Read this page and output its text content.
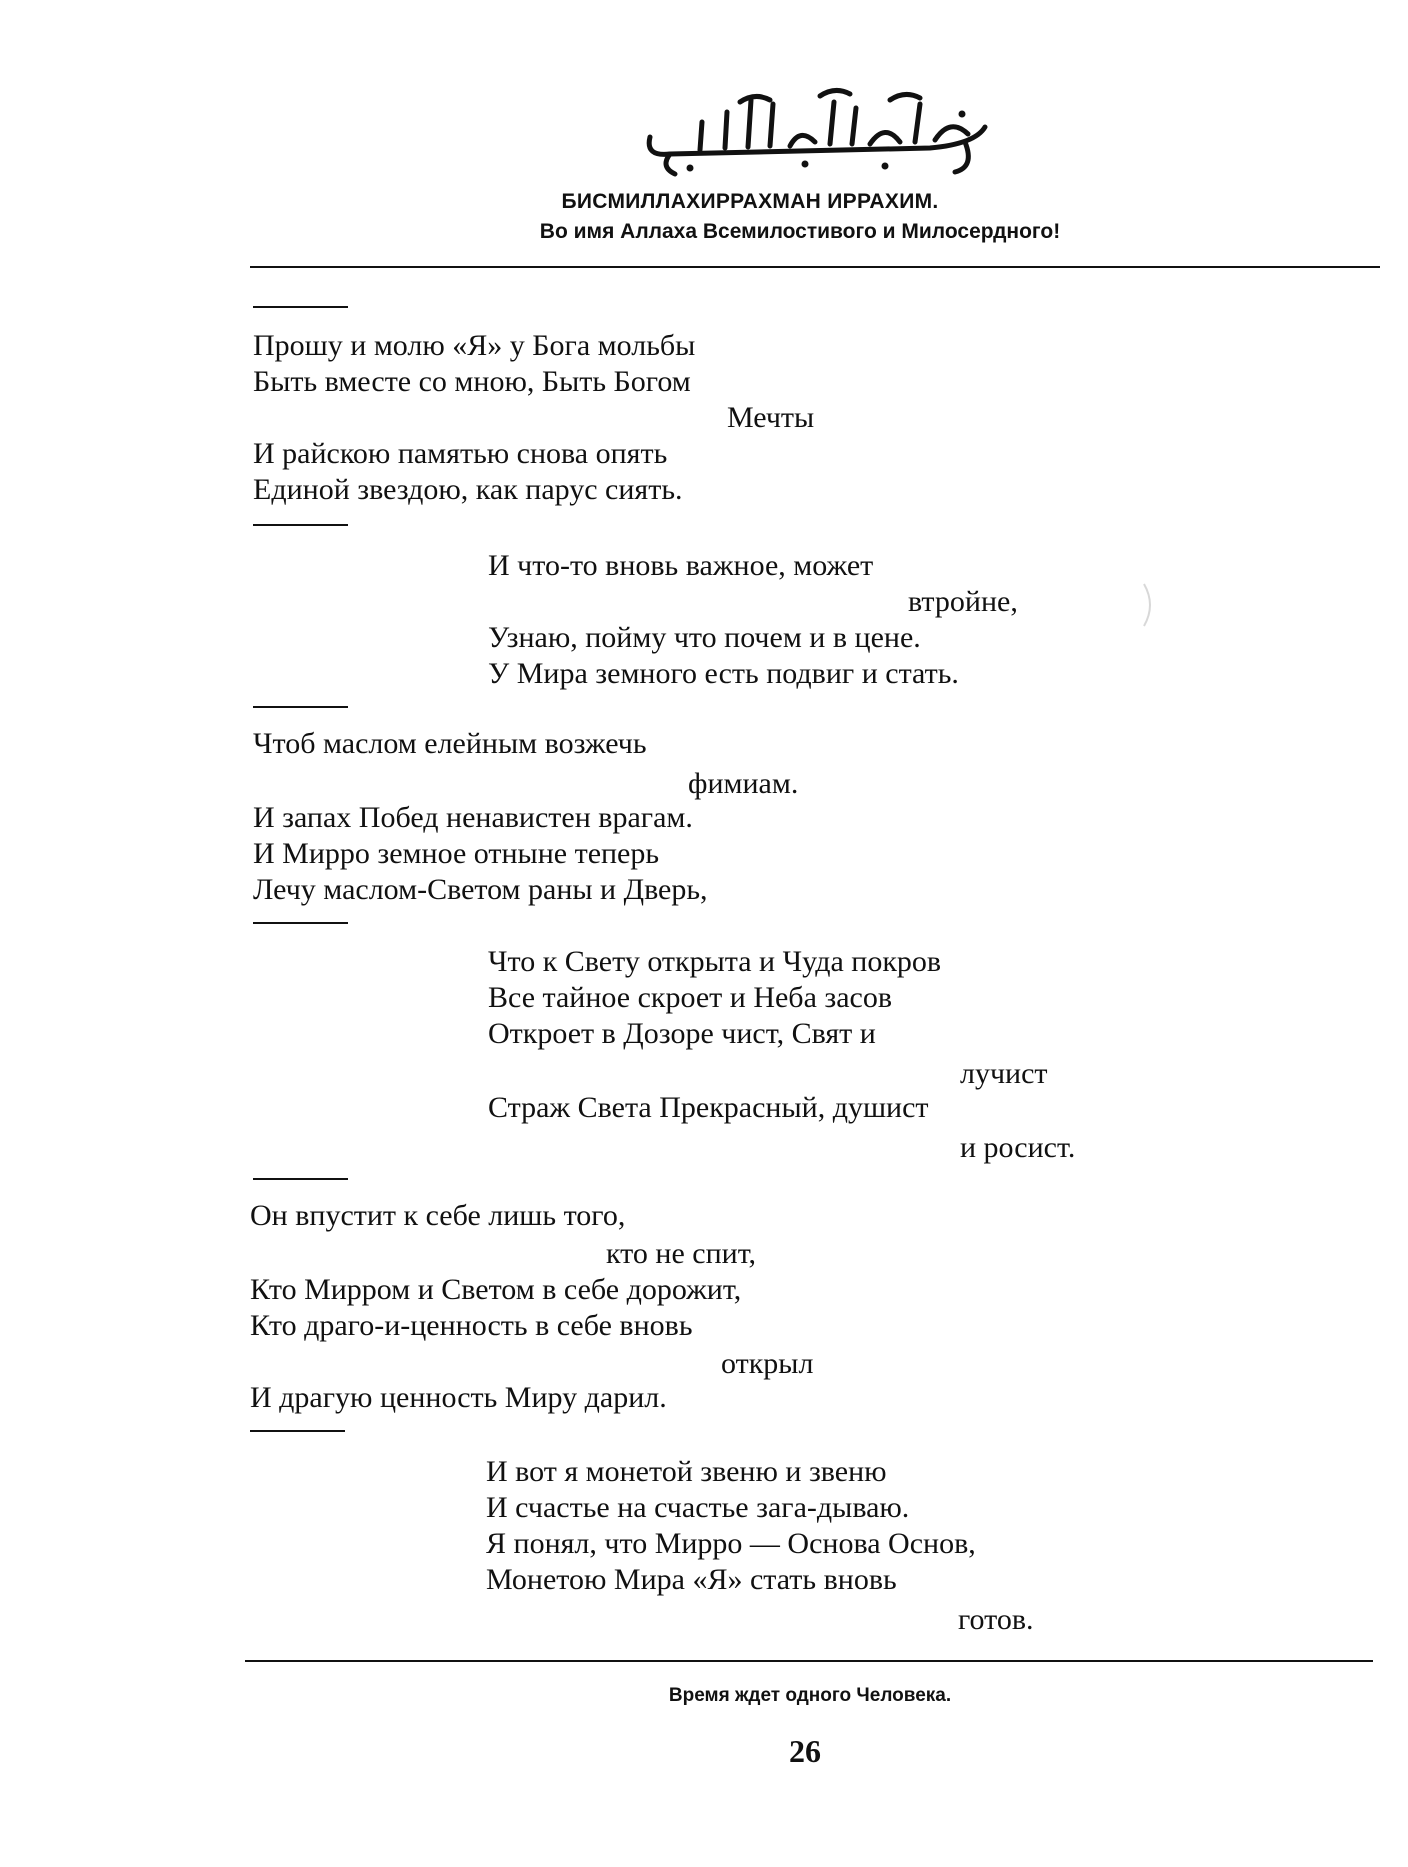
БИСМИЛЛАХИРРАХМАН ИРРАХИМ.
Во имя Аллаха Всемилостивого и Милосердного!
Прошу и молю «Я» у Бога мольбы
Быть вместе со мною, Быть Богом
Мечты
И райскою памятью снова опять
Единой звездою, как парус сиять.
И что-то вновь важное, может
втройне,
Узнаю, пойму что почем и в цене.
У Мира земного есть подвиг и стать.
Чтоб маслом елейным возжечь
фимиам.
И запах Побед ненавистен врагам.
И Мирро земное отныне теперь
Лечу маслом-Светом раны и Дверь,
Что к Свету открыта и Чуда покров
Все тайное скроет и Неба засов
Откроет в Дозоре чист, Свят и
лучист
Страж Света Прекрасный, душист
и росист.
Он впустит к себе лишь того,
кто не спит,
Кто Мирром и Светом в себе дорожит,
Кто драго-и-ценность в себе вновь
открыл
И драгую ценность Миру дарил.
И вот я монетой звеню и звеню
И счастье на счастье зага-дываю.
Я понял, что Мирро — Основа Основ,
Монетою Мира «Я» стать вновь
готов.
Время ждет одного Человека.
26
